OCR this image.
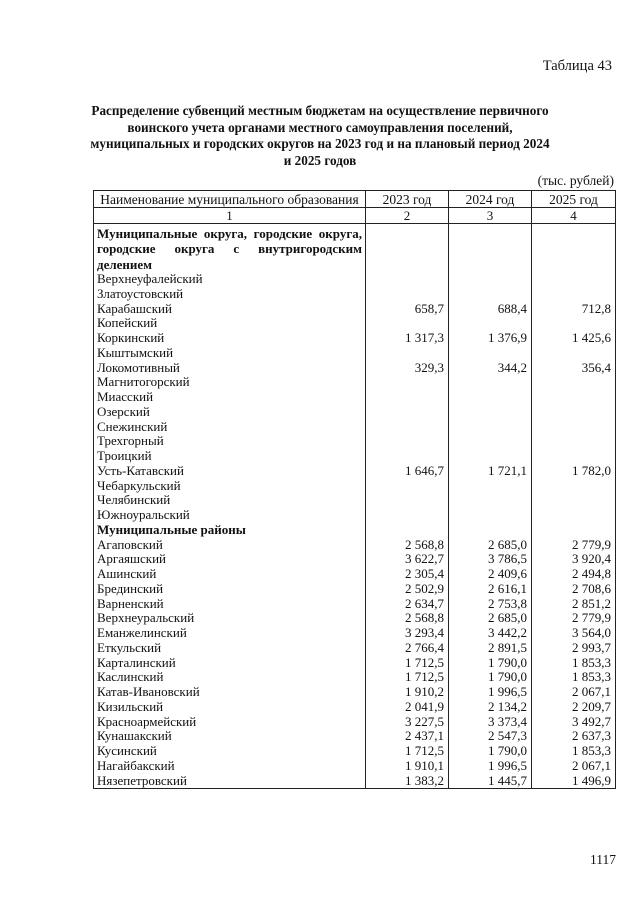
Таблица 43
Распределение субвенций местным бюджетам на осуществление первичного воинского учета органами местного самоуправления поселений, муниципальных и городских округов на 2023 год и на плановый период 2024 и 2025 годов
(тыс. рублей)
Наименование муниципального образования	2023 год	2024 год	2025 год
1	2	3	4
Муниципальные округа, городские округа, городские округа с внутригородским делением			
Верхнеуфалейский			
Златоустовский			
Карабашский	658,7	688,4	712,8
Копейский			
Коркинский	1 317,3	1 376,9	1 425,6
Кыштымский			
Локомотивный	329,3	344,2	356,4
Магнитогорский			
Миасский			
Озерский			
Снежинский			
Трехгорный			
Троицкий			
Усть-Катавский	1 646,7	1 721,1	1 782,0
Чебаркульский			
Челябинский			
Южноуральский			
Муниципальные районы			
Агаповский	2 568,8	2 685,0	2 779,9
Аргаяшский	3 622,7	3 786,5	3 920,4
Ашинский	2 305,4	2 409,6	2 494,8
Брединский	2 502,9	2 616,1	2 708,6
Варненский	2 634,7	2 753,8	2 851,2
Верхнеуральский	2 568,8	2 685,0	2 779,9
Еманжелинский	3 293,4	3 442,2	3 564,0
Еткульский	2 766,4	2 891,5	2 993,7
Карталинский	1 712,5	1 790,0	1 853,3
Каслинский	1 712,5	1 790,0	1 853,3
Катав-Ивановский	1 910,2	1 996,5	2 067,1
Кизильский	2 041,9	2 134,2	2 209,7
Красноармейский	3 227,5	3 373,4	3 492,7
Кунашакский	2 437,1	2 547,3	2 637,3
Кусинский	1 712,5	1 790,0	1 853,3
Нагайбакский	1 910,1	1 996,5	2 067,1
Нязепетровский	1 383,2	1 445,7	1 496,9
1117
